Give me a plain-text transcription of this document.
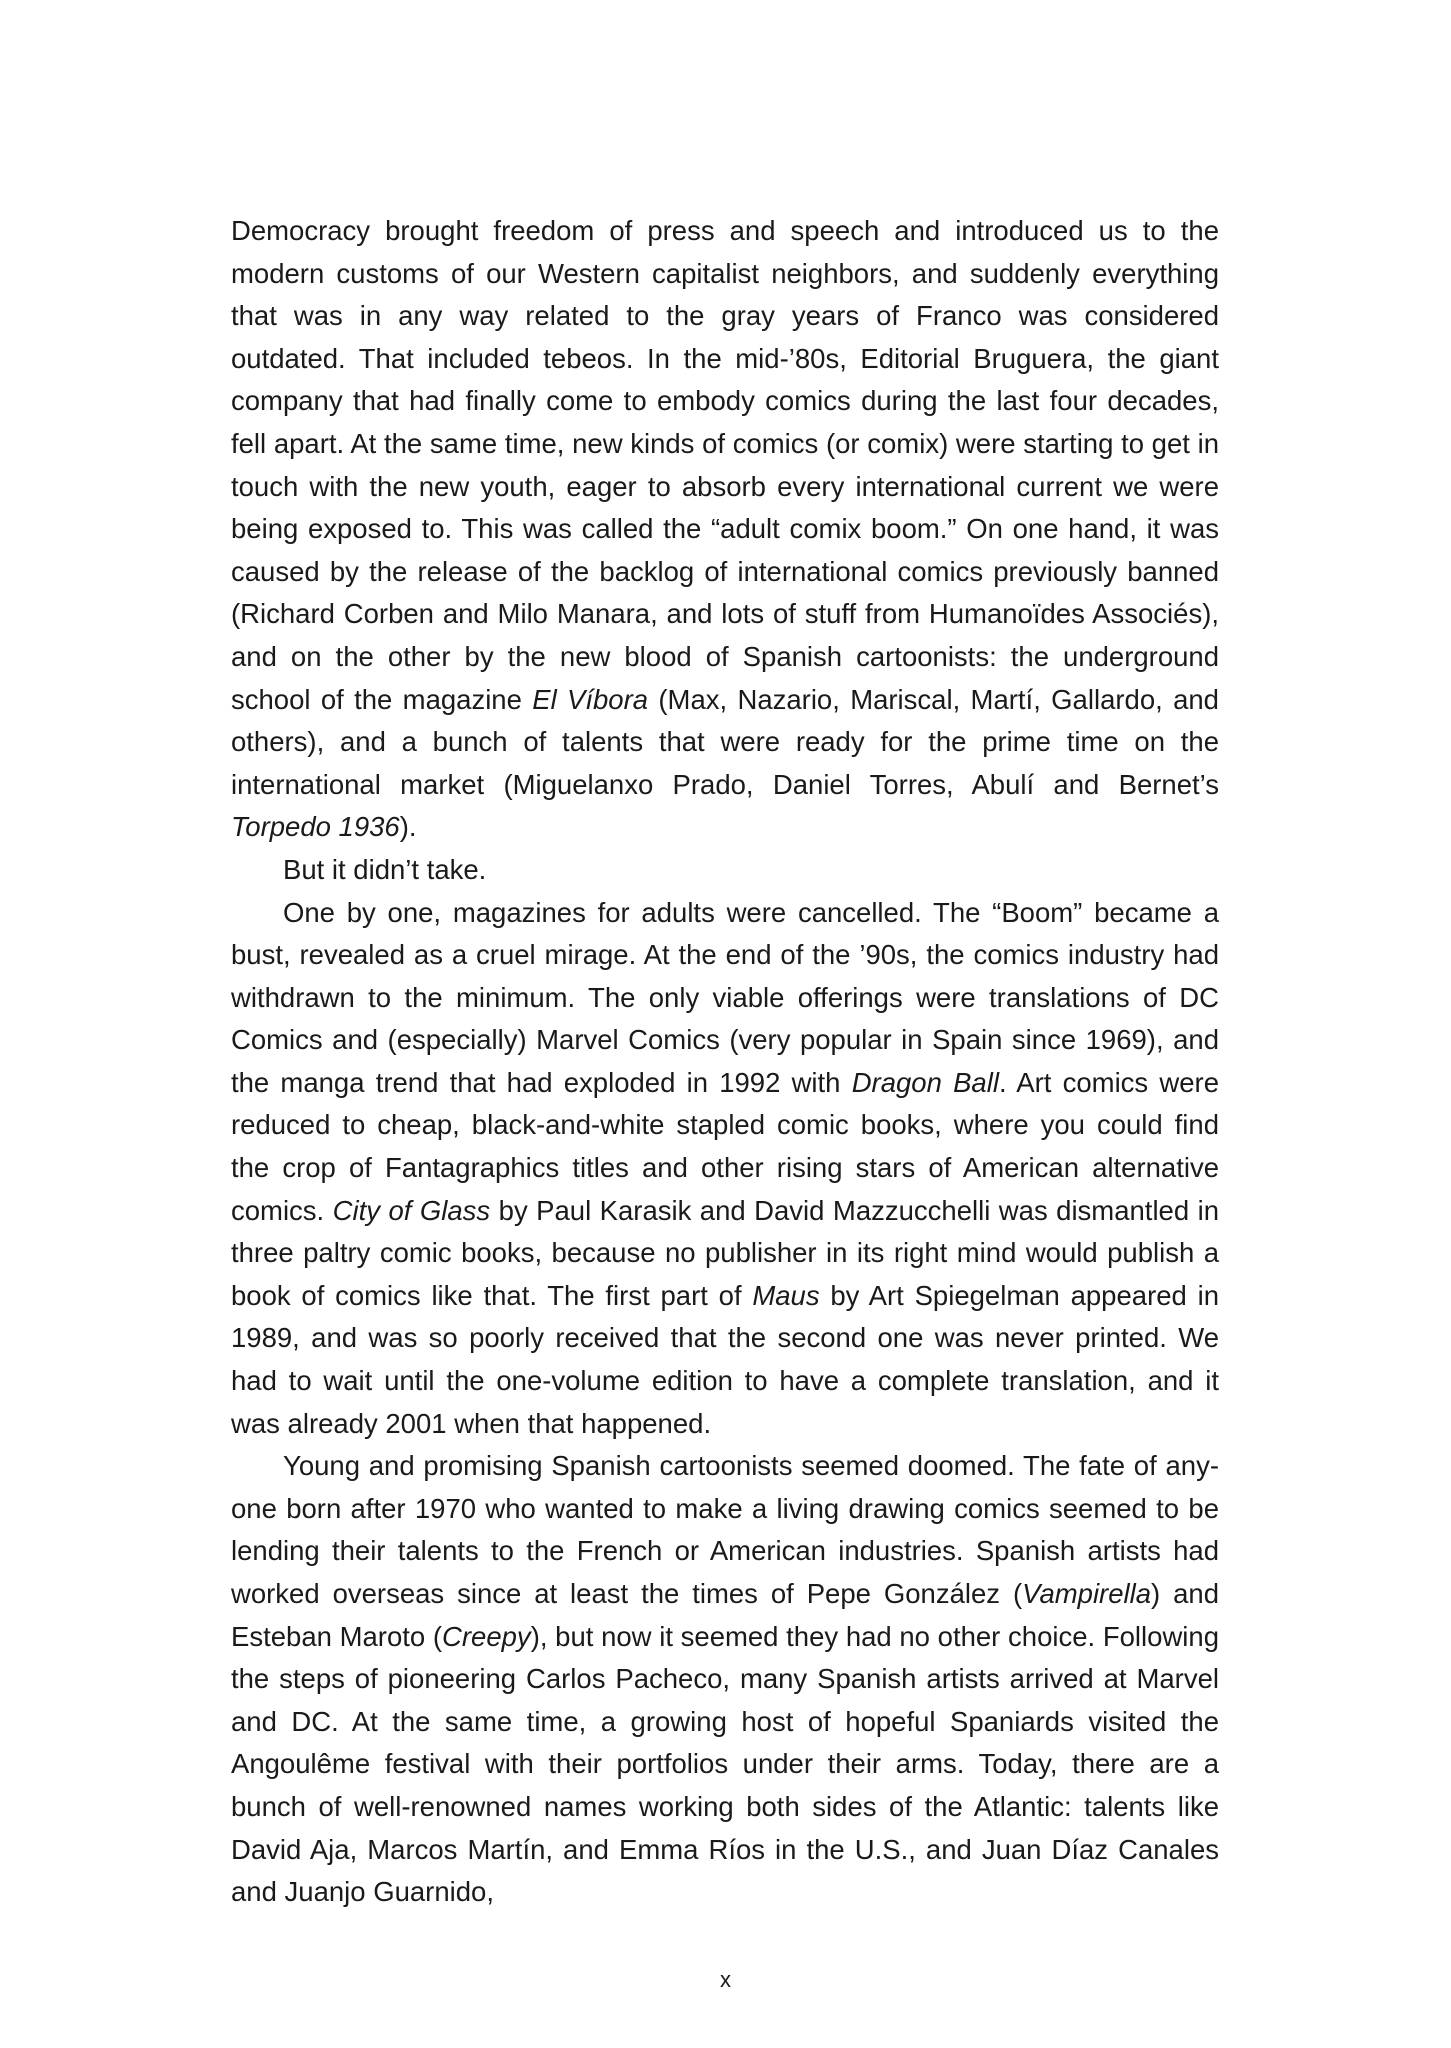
Democracy brought freedom of press and speech and introduced us to the modern customs of our Western capitalist neighbors, and suddenly everything that was in any way related to the gray years of Franco was considered outdated. That included tebeos. In the mid-’80s, Editorial Bruguera, the giant company that had finally come to embody comics during the last four decades, fell apart. At the same time, new kinds of comics (or comix) were starting to get in touch with the new youth, eager to absorb every international current we were being exposed to. This was called the “adult comix boom.” On one hand, it was caused by the release of the backlog of international comics previously banned (Richard Corben and Milo Manara, and lots of stuff from Humanoïdes Associés), and on the other by the new blood of Spanish cartoonists: the underground school of the magazine El Víbora (Max, Nazario, Mariscal, Martí, Gallardo, and others), and a bunch of talents that were ready for the prime time on the international market (Miguelanxo Prado, Daniel Torres, Abulí and Bernet’s Torpedo 1936).

But it didn’t take.

One by one, magazines for adults were cancelled. The “Boom” became a bust, revealed as a cruel mirage. At the end of the ’90s, the comics industry had withdrawn to the minimum. The only viable offerings were translations of DC Comics and (especially) Marvel Comics (very popular in Spain since 1969), and the manga trend that had exploded in 1992 with Dragon Ball. Art comics were reduced to cheap, black-and-white stapled comic books, where you could find the crop of Fantagraphics titles and other rising stars of American alternative comics. City of Glass by Paul Karasik and David Mazzucchelli was dismantled in three paltry comic books, because no publisher in its right mind would publish a book of comics like that. The first part of Maus by Art Spiegelman appeared in 1989, and was so poorly received that the second one was never printed. We had to wait until the one-volume edition to have a complete translation, and it was already 2001 when that happened.

Young and promising Spanish cartoonists seemed doomed. The fate of anyone born after 1970 who wanted to make a living drawing comics seemed to be lending their talents to the French or American industries. Spanish artists had worked overseas since at least the times of Pepe González (Vampirella) and Esteban Maroto (Creepy), but now it seemed they had no other choice. Following the steps of pioneering Carlos Pacheco, many Spanish artists arrived at Marvel and DC. At the same time, a growing host of hopeful Spaniards visited the Angoulême festival with their portfolios under their arms. Today, there are a bunch of well-renowned names working both sides of the Atlantic: talents like David Aja, Marcos Martín, and Emma Ríos in the U.S., and Juan Díaz Canales and Juanjo Guarnido,

x
